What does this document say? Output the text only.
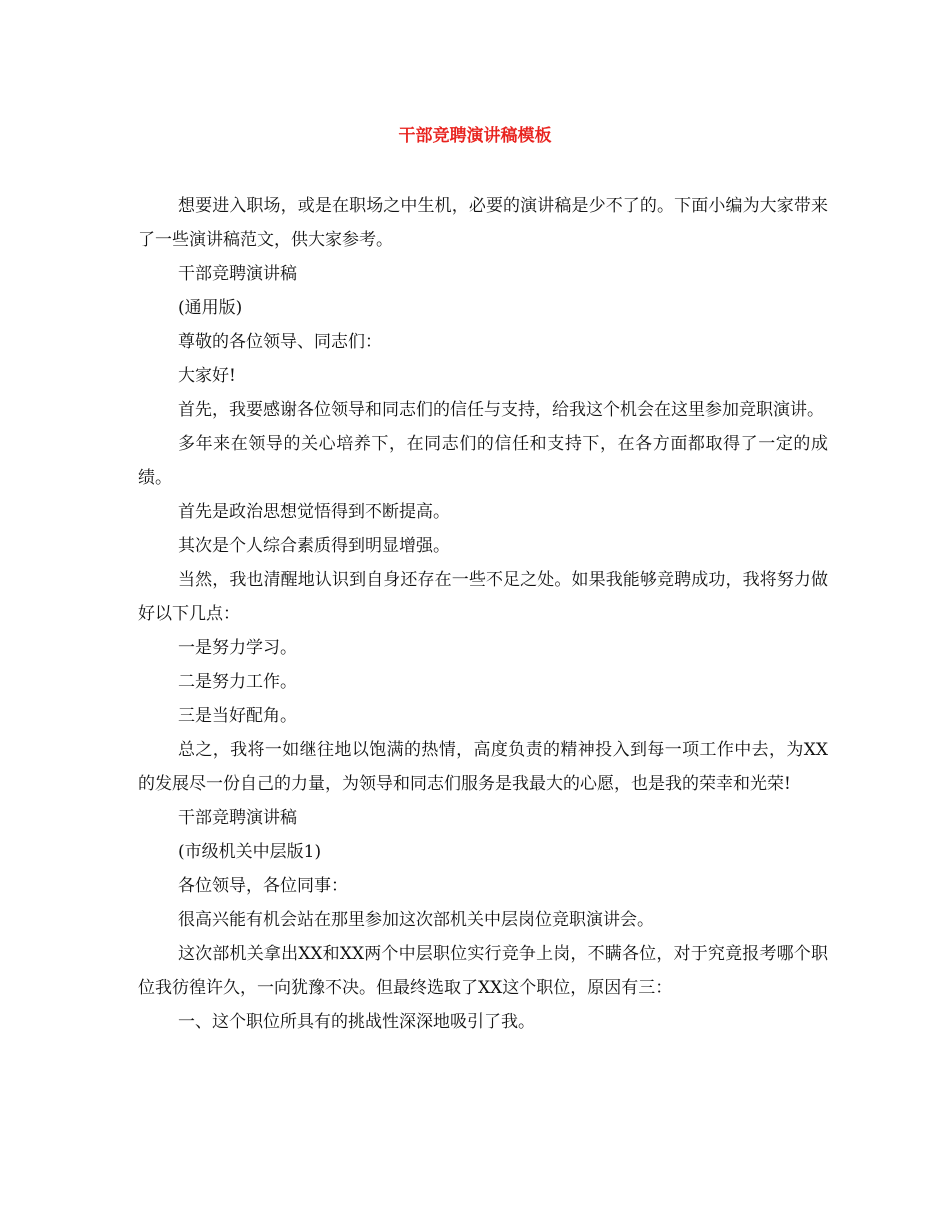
干部竞聘演讲稿模板

想要进入职场，或是在职场之中生机，必要的演讲稿是少不了的。下面小编为大家带来了一些演讲稿范文，供大家参考。

干部竞聘演讲稿

(通用版)

尊敬的各位领导、同志们：

大家好!

首先，我要感谢各位领导和同志们的信任与支持，给我这个机会在这里参加竞职演讲。

多年来在领导的关心培养下，在同志们的信任和支持下，在各方面都取得了一定的成绩。

首先是政治思想觉悟得到不断提高。

其次是个人综合素质得到明显增强。

当然，我也清醒地认识到自身还存在一些不足之处。如果我能够竞聘成功，我将努力做好以下几点：

一是努力学习。

二是努力工作。

三是当好配角。

总之，我将一如继往地以饱满的热情，高度负责的精神投入到每一项工作中去，为XX的发展尽一份自己的力量，为领导和同志们服务是我最大的心愿，也是我的荣幸和光荣!

干部竞聘演讲稿

(市级机关中层版1)

各位领导，各位同事：

很高兴能有机会站在那里参加这次部机关中层岗位竞职演讲会。

这次部机关拿出XX和XX两个中层职位实行竞争上岗，不瞒各位，对于究竟报考哪个职位我彷徨许久，一向犹豫不决。但最终选取了XX这个职位，原因有三：

一、这个职位所具有的挑战性深深地吸引了我。
